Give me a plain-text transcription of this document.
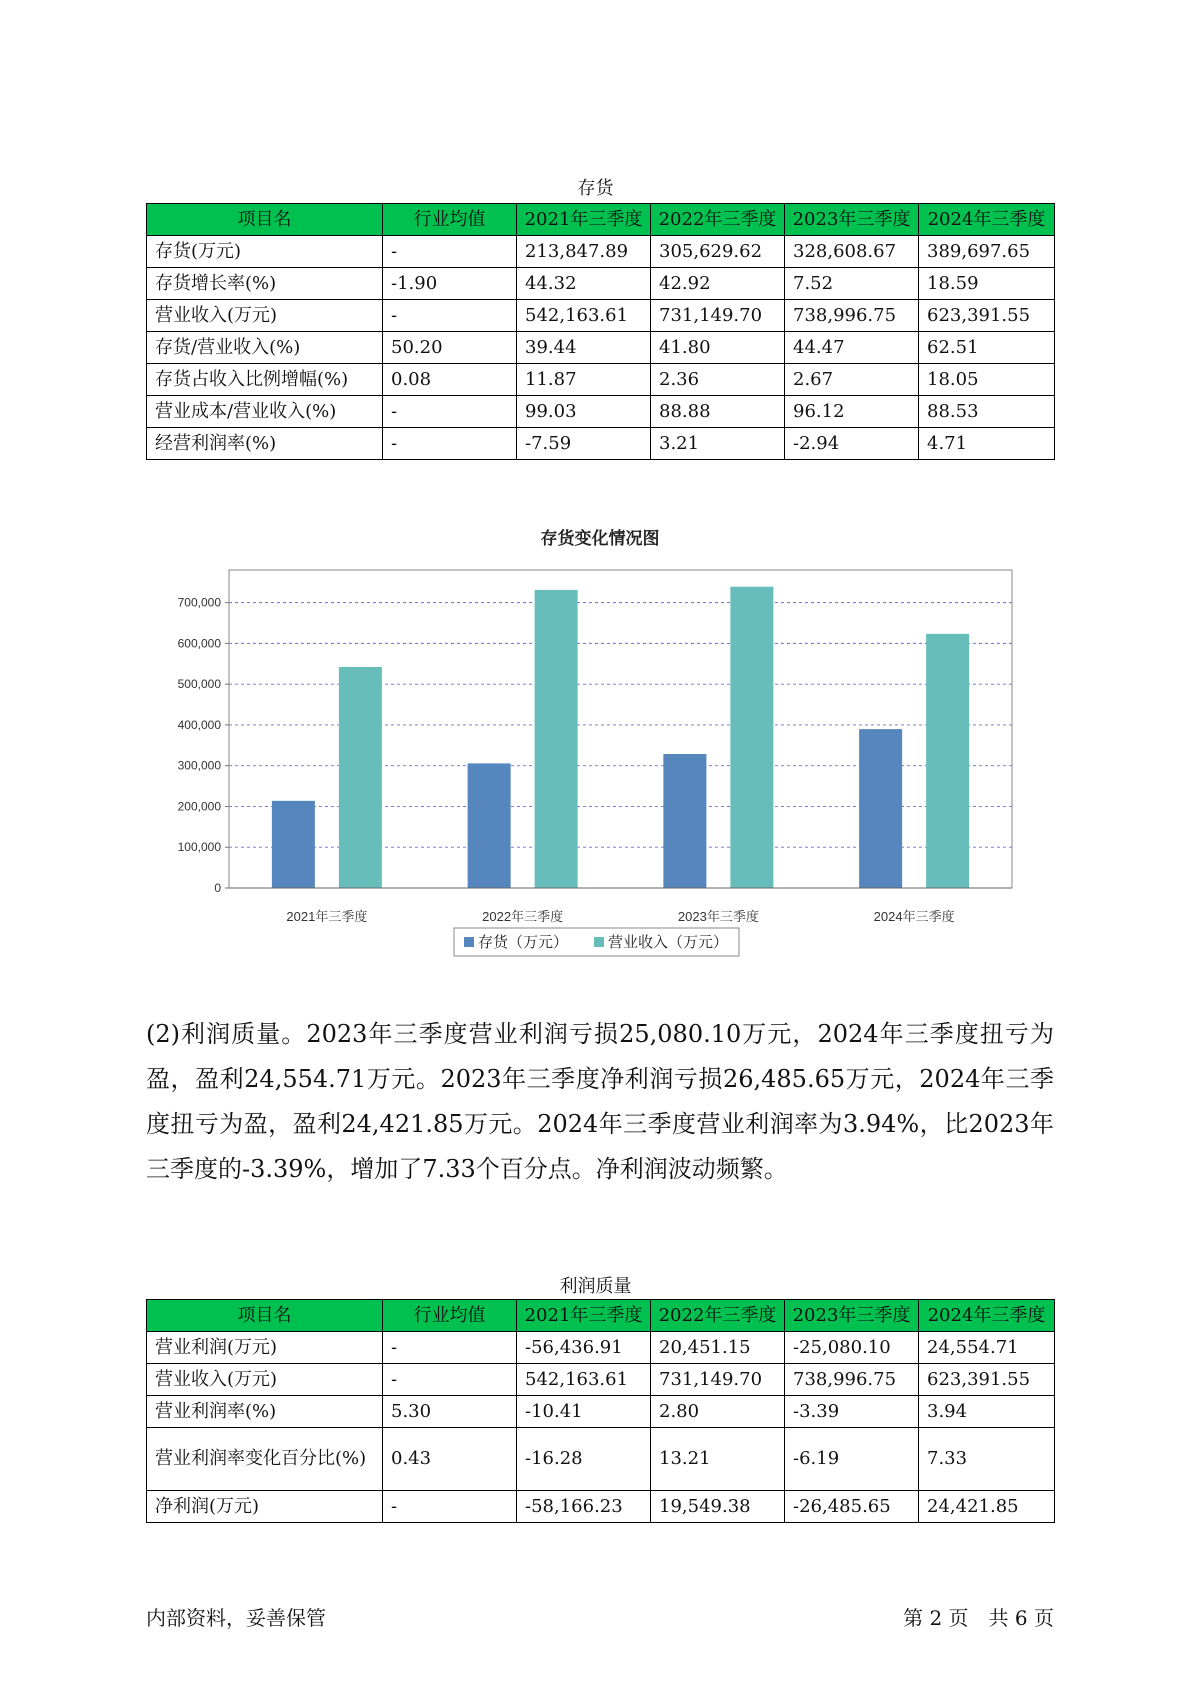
存货
项目名	行业均值	2021年三季度	2022年三季度	2023年三季度	2024年三季度
存货(万元)	-	213,847.89	305,629.62	328,608.67	389,697.65
存货增长率(%)	-1.90	44.32	42.92	7.52	18.59
营业收入(万元)	-	542,163.61	731,149.70	738,996.75	623,391.55
存货/营业收入(%)	50.20	39.44	41.80	44.47	62.51
存货占收入比例增幅(%)	0.08	11.87	2.36	2.67	18.05
营业成本/营业收入(%)	-	99.03	88.88	96.12	88.53
经营利润率(%)	-	-7.59	3.21	-2.94	4.71
0
100,000
200,000
300,000
400,000
500,000
600,000
700,000
2021年三季度	2022年三季度	2023年三季度	2024年三季度
存货（万元）	营业收入（万元）
存货变化情况图
(2)利润质量。2023年三季度营业利润亏损25,080.10万元，2024年三季度扭亏为盈，盈利24,554.71万元。2023年三季度净利润亏损26,485.65万元，2024年三季度扭亏为盈，盈利24,421.85万元。2024年三季度营业利润率为3.94%，比2023年三季度的-3.39%，增加了7.33个百分点。净利润波动频繁。
利润质量
项目名	行业均值	2021年三季度	2022年三季度	2023年三季度	2024年三季度
营业利润(万元)	-	-56,436.91	20,451.15	-25,080.10	24,554.71
营业收入(万元)	-	542,163.61	731,149.70	738,996.75	623,391.55
营业利润率(%)	5.30	-10.41	2.80	-3.39	3.94
营业利润率变化百分比(%)	0.43	-16.28	13.21	-6.19	7.33
净利润(万元)	-	-58,166.23	19,549.38	-26,485.65	24,421.85
内部资料，妥善保管	第 2 页　共 6 页
